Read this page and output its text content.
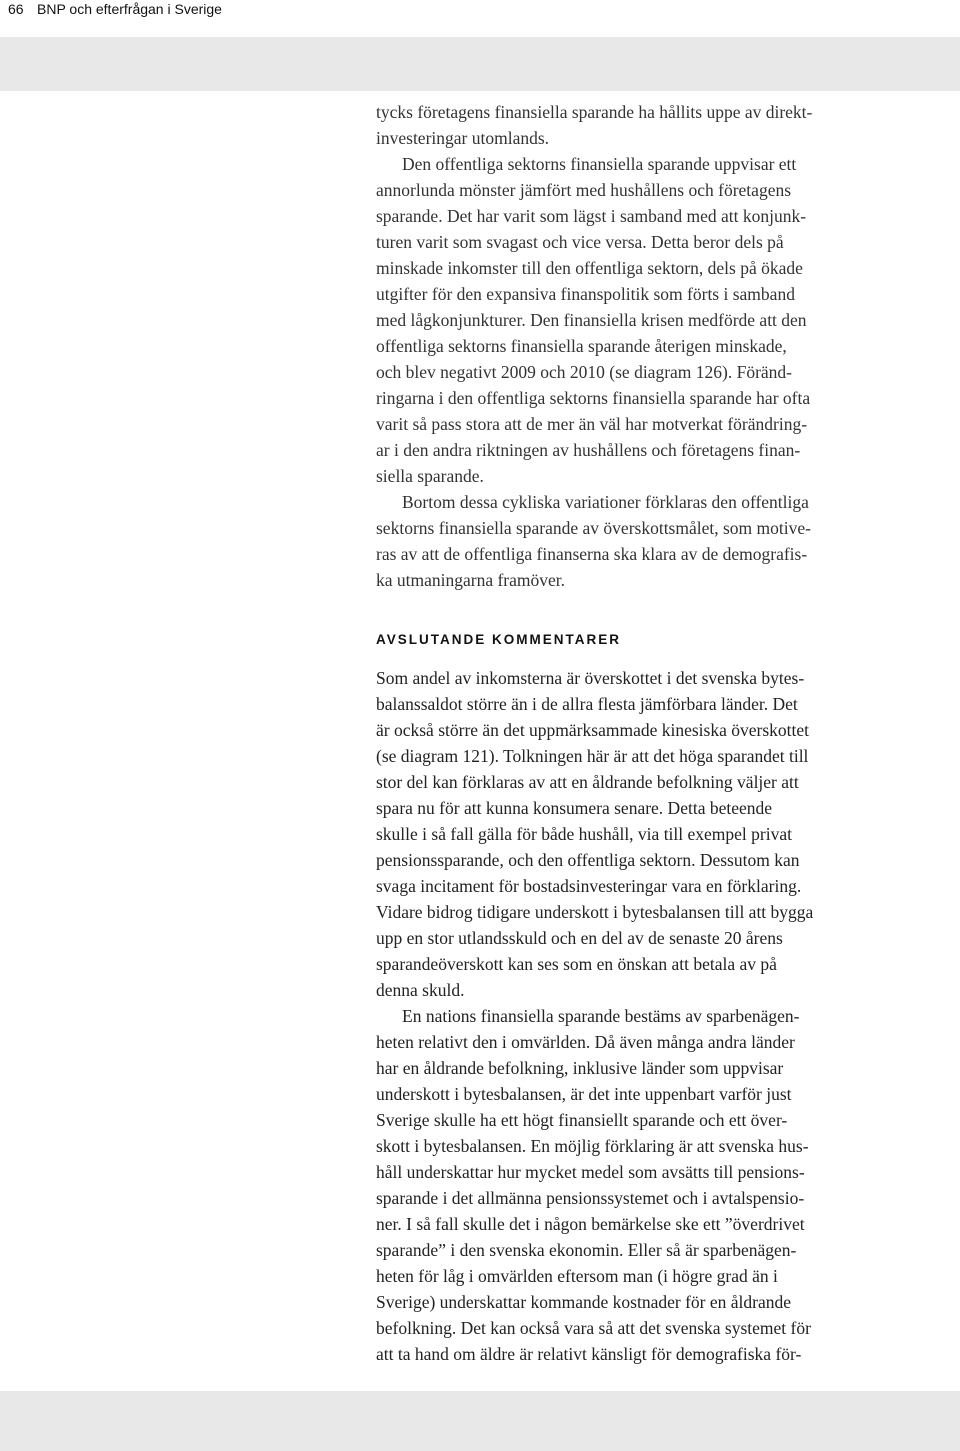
66 BNP och efterfrågan i Sverige
tycks företagens finansiella sparande ha hållits uppe av direkt-
investeringar utomlands.
Den offentliga sektorns finansiella sparande uppvisar ett
annorlunda mönster jämfört med hushållens och företagens
sparande. Det har varit som lägst i samband med att konjunk-
turen varit som svagast och vice versa. Detta beror dels på
minskade inkomster till den offentliga sektorn, dels på ökade
utgifter för den expansiva finanspolitik som förts i samband
med lågkonjunkturer. Den finansiella krisen medförde att den
offentliga sektorns finansiella sparande återigen minskade,
och blev negativt 2009 och 2010 (se diagram 126). Föränd-
ringarna i den offentliga sektorns finansiella sparande har ofta
varit så pass stora att de mer än väl har motverkat förändring-
ar i den andra riktningen av hushållens och företagens finan-
siella sparande.
Bortom dessa cykliska variationer förklaras den offentliga
sektorns finansiella sparande av överskottsmålet, som motive-
ras av att de offentliga finanserna ska klara av de demografis-
ka utmaningarna framöver.
AVSLUTANDE KOMMENTARER
Som andel av inkomsterna är överskottet i det svenska bytes-
balanssaldot större än i de allra flesta jämförbara länder. Det
är också större än det uppmärksammade kinesiska överskottet
(se diagram 121). Tolkningen här är att det höga sparandet till
stor del kan förklaras av att en åldrande befolkning väljer att
spara nu för att kunna konsumera senare. Detta beteende
skulle i så fall gälla för både hushåll, via till exempel privat
pensionssparande, och den offentliga sektorn. Dessutom kan
svaga incitament för bostadsinvesteringar vara en förklaring.
Vidare bidrog tidigare underskott i bytesbalansen till att bygga
upp en stor utlandsskuld och en del av de senaste 20 årens
sparandeöverskott kan ses som en önskan att betala av på
denna skuld.
En nations finansiella sparande bestäms av sparbenägen-
heten relativt den i omvärlden. Då även många andra länder
har en åldrande befolkning, inklusive länder som uppvisar
underskott i bytesbalansen, är det inte uppenbart varför just
Sverige skulle ha ett högt finansiellt sparande och ett över-
skott i bytesbalansen. En möjlig förklaring är att svenska hus-
håll underskattar hur mycket medel som avsätts till pensions-
sparande i det allmänna pensionssystemet och i avtalspensio-
ner. I så fall skulle det i någon bemärkelse ske ett ”överdrivet
sparande” i den svenska ekonomin. Eller så är sparbenägen-
heten för låg i omvärlden eftersom man (i högre grad än i
Sverige) underskattar kommande kostnader för en åldrande
befolkning. Det kan också vara så att det svenska systemet för
att ta hand om äldre är relativt känsligt för demografiska för-
